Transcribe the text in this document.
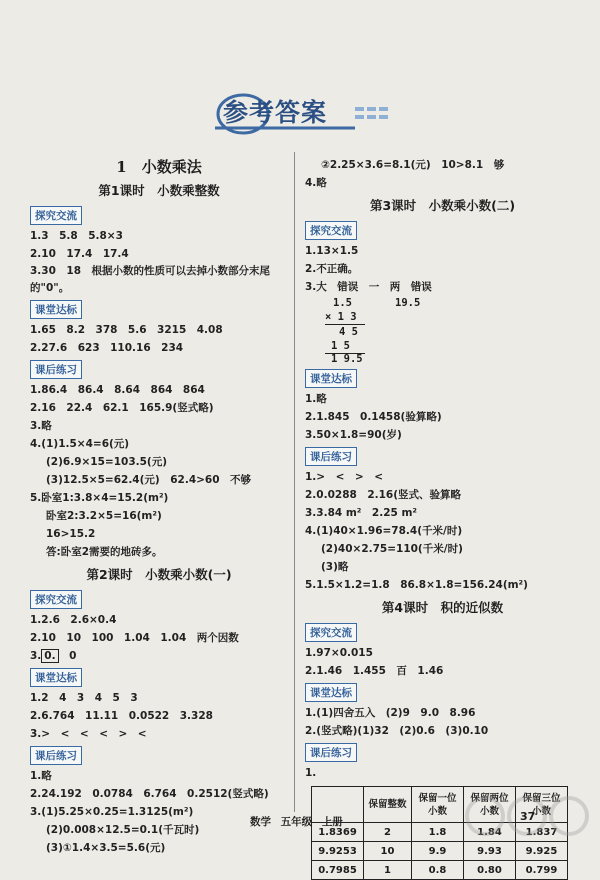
参考答案
1　小数乘法
第1课时　小数乘整数
探究交流
1.3　5.8　5.8×3
2.10　17.4　17.4
3.30　18　根据小数的性质可以去掉小数部分末尾的"0"。
课堂达标
1.65　8.2　378　5.6　3215　4.08
2.27.6　623　110.16　234
课后练习
1.86.4　86.4　8.64　864　864
2.16　22.4　62.1　165.9(竖式略)
3.略
4.(1)1.5×4=6(元)
(2)6.9×15=103.5(元)
(3)12.5×5=62.4(元)　62.4>60　不够
5.卧室1:3.8×4=15.2(m²)
卧室2:3.2×5=16(m²)
16>15.2
答:卧室2需要的地砖多。
第2课时　小数乘小数(一)
探究交流
1.2.6　2.6×0.4
2.10　10　100　1.04　1.04　两个因数
3. 0.　0
课堂达标
1.2　4　3　4　5　3
2.6.764　11.11　0.0522　3.328
3.>　<　<　<　>　<
课后练习
1.略
2.24.192　0.0784　6.764　0.2512(竖式略)
3.(1)5.25×0.25=1.3125(m²)
(2)0.008×12.5=0.1(千瓦时)
(3)①1.4×3.5=5.6(元)
②2.25×3.6=8.1(元)　10>8.1　够
4.略
第3课时　小数乘小数(二)
探究交流
1.13×1.5
2.不正确。
3.大　错误　一　两　错误
1.5	19.5
× 1 3
4 5
1 5
1 9.5
课堂达标
1.略
2.1.845　0.1458(验算略)
3.50×1.8=90(岁)
课后练习
1.>　<　>　<
2.0.0288　2.16(竖式、验算略
3.3.84 m²　2.25 m²
4.(1)40×1.96=78.4(千米/时)
(2)40×2.75=110(千米/时)
(3)略
5.1.5×1.2=1.8　86.8×1.8=156.24(m²)
第4课时　积的近似数
探究交流
1.97×0.015
2.1.46　1.455　百　1.46
课堂达标
1.(1)四舍五入　(2)9　9.0　8.96
2.(竖式略)(1)32　(2)0.6　(3)0.10
课后练习
1.
	保留整数	保留一位小数	保留两位小数	保留三位小数
1.8369	2	1.8	1.84	1.837
9.9253	10	9.9	9.93	9.925
0.7985	1	0.8	0.80	0.799
数学 五年级 上册	37
